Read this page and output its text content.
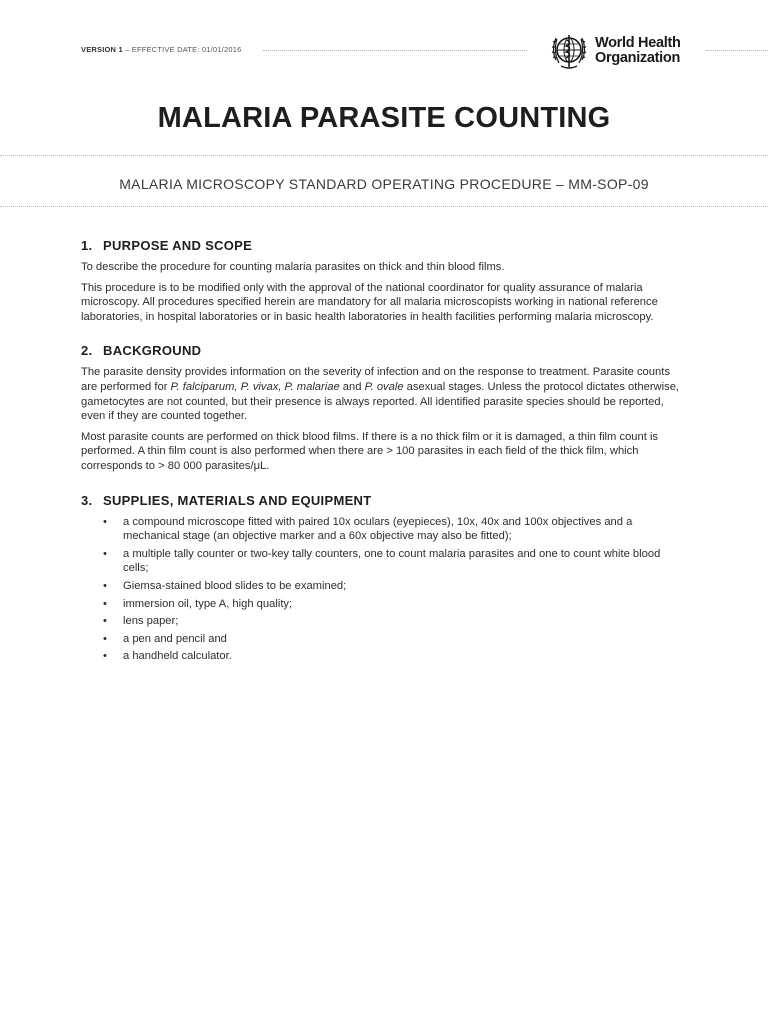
VERSION 1 – EFFECTIVE DATE: 01/01/2016	World Health
Organization
MALARIA PARASITE COUNTING
MALARIA MICROSCOPY STANDARD OPERATING PROCEDURE – MM-SOP-09
1. PURPOSE AND SCOPE

To describe the procedure for counting malaria parasites on thick and thin blood films.

This procedure is to be modified only with the approval of the national coordinator for quality assurance of malaria microscopy. All procedures specified herein are mandatory for all malaria microscopists working in national reference laboratories, in hospital laboratories or in basic health laboratories in health facilities performing malaria microscopy.

2. BACKGROUND

The parasite density provides information on the severity of infection and on the response to treatment. Parasite counts are performed for P. falciparum, P. vivax, P. malariae and P. ovale asexual stages. Unless the protocol dictates otherwise, gametocytes are not counted, but their presence is always reported. All identified parasite species should be reported, even if they are counted together.

Most parasite counts are performed on thick blood films. If there is a no thick film or it is damaged, a thin film count is performed. A thin film count is also performed when there are > 100 parasites in each field of the thick film, which corresponds to > 80 000 parasites/μL.

3. SUPPLIES, MATERIALS AND EQUIPMENT
• a compound microscope fitted with paired 10x oculars (eyepieces), 10x, 40x and 100x objectives and a mechanical stage (an objective marker and a 60x objective may also be fitted);
• a multiple tally counter or two-key tally counters, one to count malaria parasites and one to count white blood cells;
• Giemsa-stained blood slides to be examined;
• immersion oil, type A, high quality;
• lens paper;
• a pen and pencil and
• a handheld calculator.
